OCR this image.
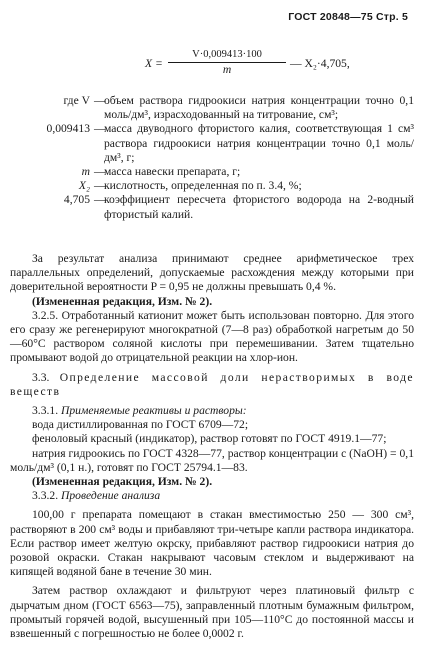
ГОСТ 20848—75 Стр. 5
$X = \frac{V\cdot 0,009413\cdot 100}{m}$ — X₂·4,705,
где V —
объем раствора гидроокиси натрия концентрации точно 0,1 моль/дм³, израсходованный на титрование, см³;
0,009413 —
масса двуводного фтористого калия, соответствующая 1 см³ раствора гидроокиси натрия концентрации точно 0,1 моль/дм³, г;
m —
масса навески препарата, г;
X₂ —
кислотность, определенная по п. 3.4, %;
4,705 —
коэффициент пересчета фтористого водорода на 2-водный фтористый калий.

За результат анализа принимают среднее арифметическое трех параллельных определений, допускаемые расхождения между которыми при доверительной вероятности P = 0,95 не должны превышать 0,4 %.

(Измененная редакция, Изм. № 2).

3.2.5. Отработанный катионит может быть использован повторно. Для этого его сразу же регенерируют многократной (7—8 раз) обработкой нагретым до 50—60°С раствором соляной кислоты при перемешивании. Затем тщательно промывают водой до отрицательной реакции на хлор-ион.

3.3. Определение массовой доли нерастворимых в воде веществ

3.3.1. Применяемые реактивы и растворы:

вода дистиллированная по ГОСТ 6709—72;

феноловый красный (индикатор), раствор готовят по ГОСТ 4919.1—77;

натрия гидроокись по ГОСТ 4328—77, раствор концентрации с (NaOH) = 0,1 моль/дм³ (0,1 н.), готовят по ГОСТ 25794.1—83.

(Измененная редакция, Изм. № 2).

3.3.2. Проведение анализа

100,00 г препарата помещают в стакан вместимостью 250 — 300 см³, растворяют в 200 см³ воды и прибавляют три-четыре капли раствора индикатора. Если раствор имеет желтую окрску, прибавляют раствор гидроокиси натрия до розовой окраски. Стакан накрывают часовым стеклом и выдерживают на кипящей водяной бане в течение 30 мин.

Затем раствор охлаждают и фильтруют через платиновый фильтр с дырчатым дном (ГОСТ 6563—75), заправленный плотным бумажным фильтром, промытый горячей водой, высушенный при 105—110°С до постоянной массы и взвешенный с погрешностью не более 0,0002 г.
